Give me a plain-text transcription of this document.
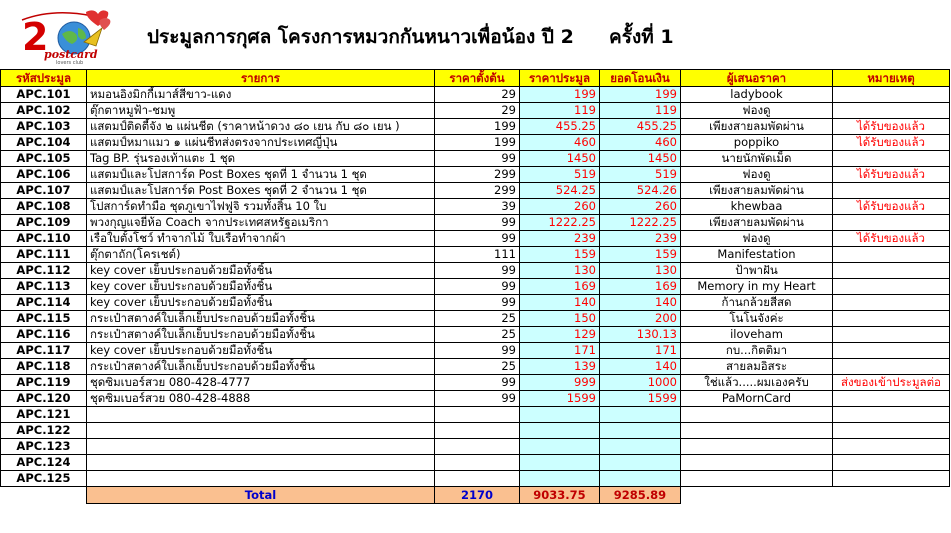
2
postcard
lovers club
ประมูลการกุศล โครงการหมวกกันหนาวเพื่อน้อง ปี 2 ครั้งที่ 1
รหัสประมูล	รายการ	ราคาตั้งต้น	ราคาประมูล	ยอดโอนเงิน	ผู้เสนอราคา	หมายเหตุ
APC.101	หมอนอิงมิกกี้เมาส์สีขาว-แดง	29	199	199	ladybook	
APC.102	ตุ๊กตาหมูฟ้า-ชมพู	29	119	119	ฟองดู	
APC.103	แสตมป์ติดตี้จัง ๒ แผ่นชีต (ราคาหน้าดวง ๘๐ เยน กับ ๘๐ เยน )	199	455.25	455.25	เพียงสายลมพัดผ่าน	ได้รับของแล้ว
APC.104	แสตมป์หมาแมว ๑ แผ่นชีทส่งตรงจากประเทศญี่ปุ่น	199	460	460	poppiko	ได้รับของแล้ว
APC.105	Tag BP. รุ่นรองเท้าแตะ 1 ชุด	99	1450	1450	นายนักพัดเม็ด	
APC.106	แสตมป์และโปสการ์ด Post Boxes ชุดที่ 1 จำนวน 1 ชุด	299	519	519	ฟองดู	ได้รับของแล้ว
APC.107	แสตมป์และโปสการ์ด Post Boxes ชุดที่ 2 จำนวน 1 ชุด	299	524.25	524.26	เพียงสายลมพัดผ่าน	
APC.108	โปสการ์ดทำมือ ชุดภูเขาไฟฟูจิ รวมทั้งสิ้น 10 ใบ	39	260	260	khewbaa	ได้รับของแล้ว
APC.109	พวงกุญแจยี่ห้อ Coach จากประเทศสหรัฐอเมริกา	99	1222.25	1222.25	เพียงสายลมพัดผ่าน	
APC.110	เรือใบตั้งโชว์ ทำจากไม้ ใบเรือทำจากผ้า	99	239	239	ฟองดู	ได้รับของแล้ว
APC.111	ตุ๊กตาถัก(โครเชต์)	111	159	159	Manifestation	
APC.112	key cover เย็บประกอบด้วยมือทั้งชิ้น	99	130	130	ป้าพาฝัน	
APC.113	key cover เย็บประกอบด้วยมือทั้งชิ้น	99	169	169	Memory in my Heart	
APC.114	key cover เย็บประกอบด้วยมือทั้งชิ้น	99	140	140	ก้านกล้วยสีสด	
APC.115	กระเป๋าสตางค์ใบเล็กเย็บประกอบด้วยมือทั้งชิ้น	25	150	200	โนโนจังค่ะ	
APC.116	กระเป๋าสตางค์ใบเล็กเย็บประกอบด้วยมือทั้งชิ้น	25	129	130.13	iloveham	
APC.117	key cover เย็บประกอบด้วยมือทั้งชิ้น	99	171	171	กบ...กิตติมา	
APC.118	กระเป๋าสตางค์ใบเล็กเย็บประกอบด้วยมือทั้งชิ้น	25	139	140	สายลมอิสระ	
APC.119	ชุดซิมเบอร์สวย 080-428-4777	99	999	1000	ใช่แล้ว.....ผมเองครับ	ส่งของเข้าประมูลต่อ
APC.120	ชุดซิมเบอร์สวย 080-428-4888	99	1599	1599	PaMornCard	
APC.121						
APC.122						
APC.123						
APC.124						
APC.125						
	Total	2170	9033.75	9285.89		
